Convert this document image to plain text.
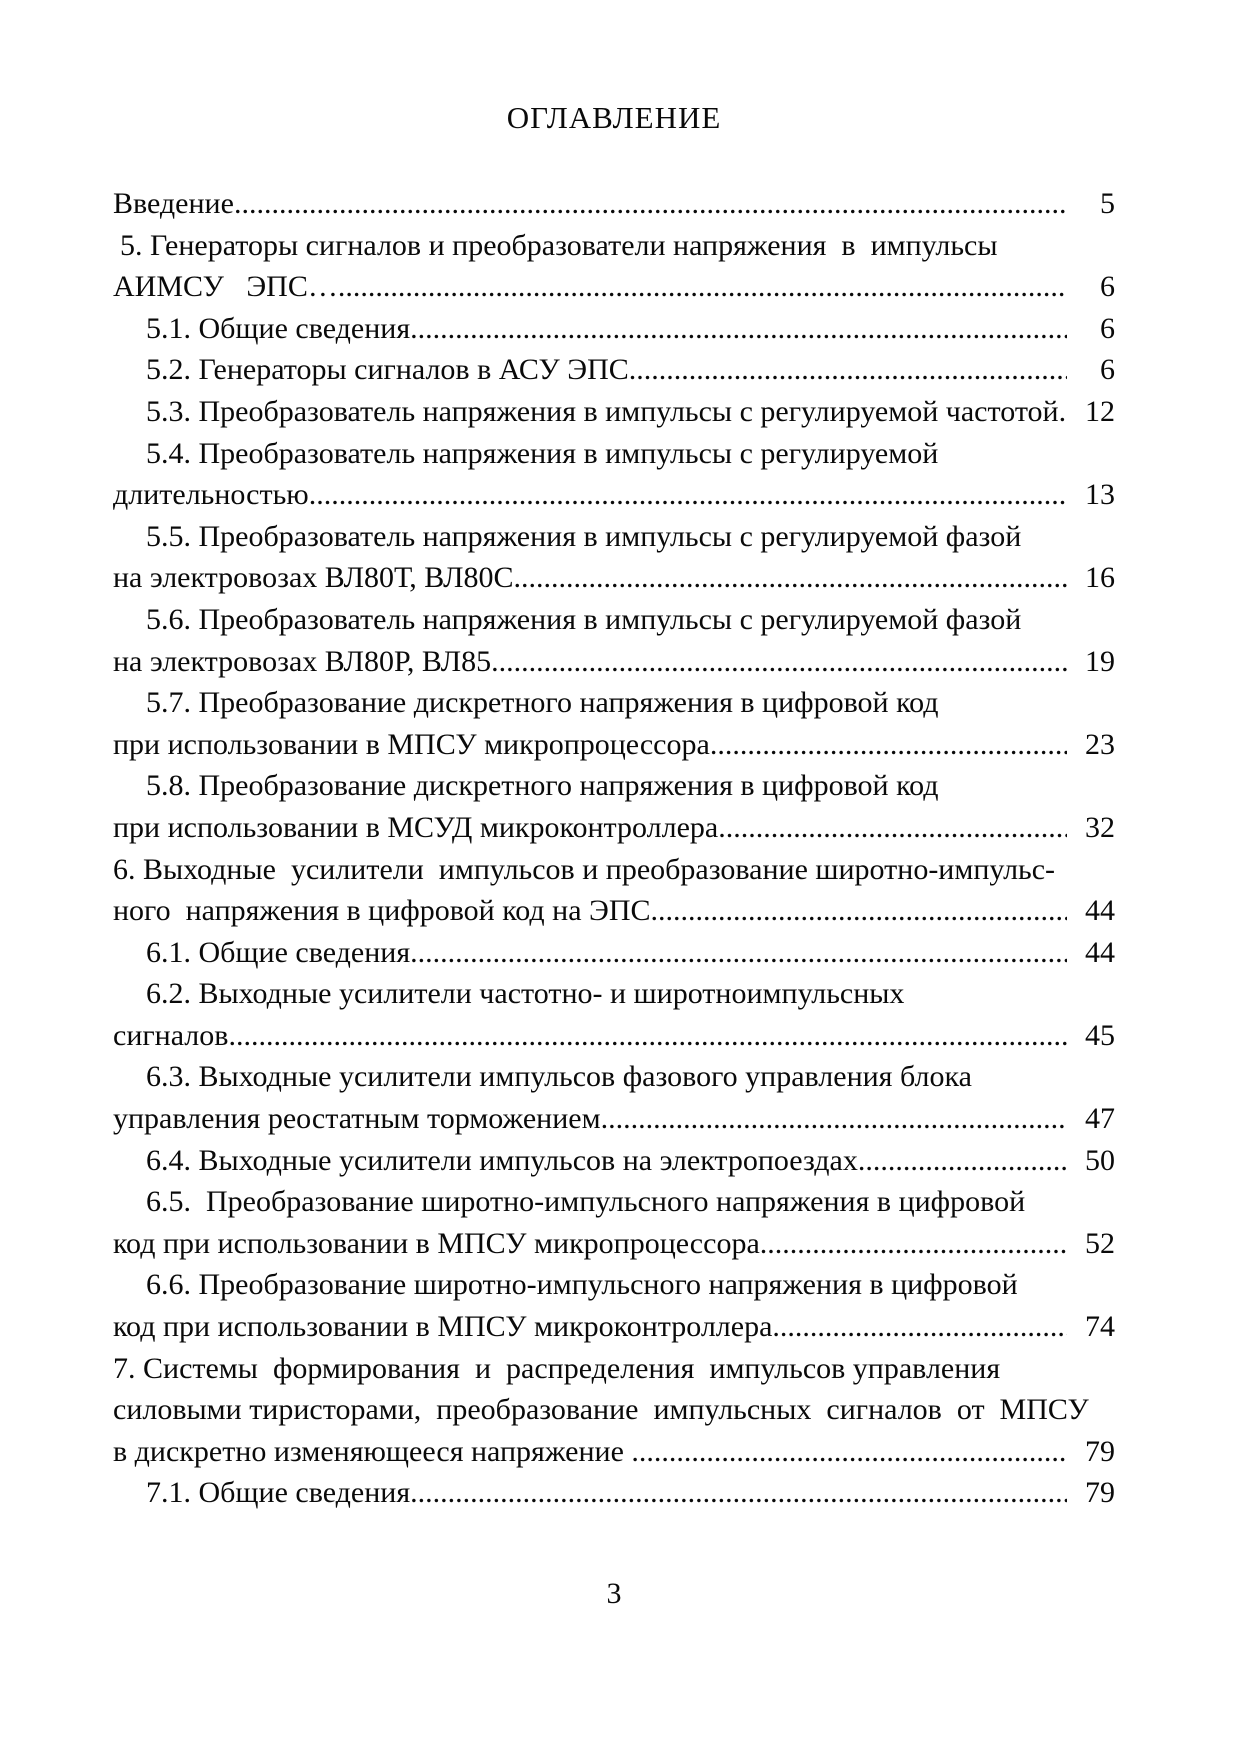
ОГЛАВЛЕНИЕ
Введение .....	5
5. Генераторы сигналов и преобразователи напряжения  в  импульсы
АИМСУ   ЭПС… .....	6
5.1. Общие сведения .....	6
5.2. Генераторы сигналов в АСУ ЭПС .....	6
5.3. Преобразователь напряжения в импульсы с регулируемой частотой ..... 12
5.4. Преобразователь напряжения в импульсы с регулируемой
длительностью .....	13
5.5. Преобразователь напряжения в импульсы с регулируемой фазой
на электровозах ВЛ80Т, ВЛ80С .....	16
5.6. Преобразователь напряжения в импульсы с регулируемой фазой
на электровозах ВЛ80Р, ВЛ85 .....	19
5.7. Преобразование дискретного напряжения в цифровой код
при использовании в МПСУ микропроцессора .....	23
5.8. Преобразование дискретного напряжения в цифровой код
при использовании в МСУД микроконтроллера .....	32
6. Выходные  усилители  импульсов и преобразование широтно-импульс-
ного  напряжения в цифровой код на ЭПС .....	44
6.1. Общие сведения .....	44
6.2. Выходные усилители частотно- и широтноимпульсных
сигналов .....	45
6.3. Выходные усилители импульсов фазового управления блока
управления реостатным торможением .....	47
6.4. Выходные усилители импульсов на электропоездах .....	50
6.5.  Преобразование широтно-импульсного напряжения в цифровой
код при использовании в МПСУ микропроцессора .....	52
6.6. Преобразование широтно-импульсного напряжения в цифровой
код при использовании в МПСУ микроконтроллера .....	74
7. Системы  формирования  и  распределения  импульсов управления
силовыми тиристорами,  преобразование  импульсных  сигналов  от  МПСУ
в дискретно изменяющееся напряжение .....	79
7.1. Общие сведения .....	79
3
